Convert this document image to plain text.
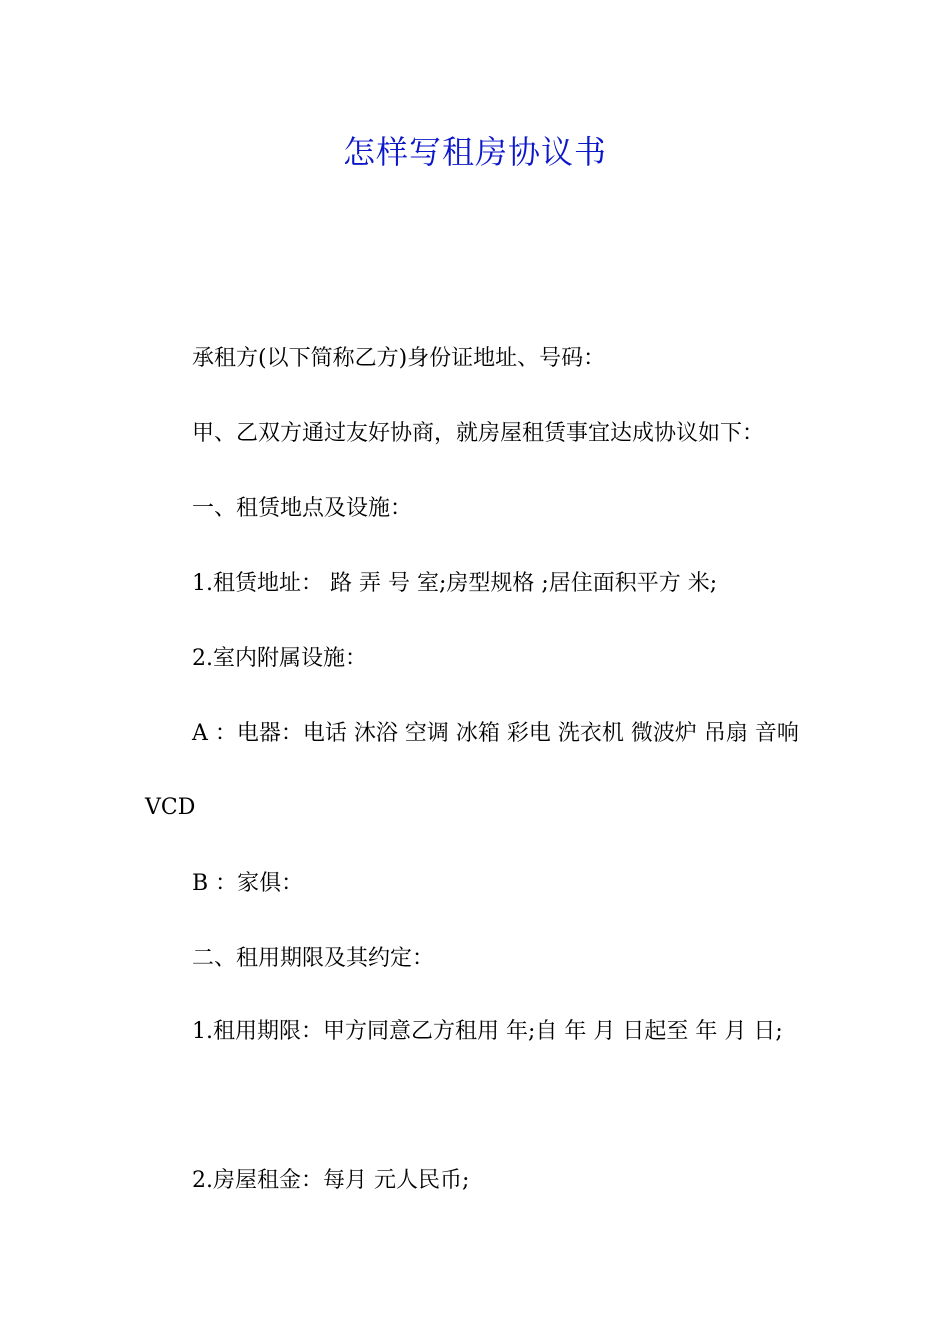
怎样写租房协议书
承租方(以下简称乙方)身份证地址、号码：
甲、乙双方通过友好协商，就房屋租赁事宜达成协议如下：
一、租赁地点及设施：
1.租赁地址： 路 弄 号 室;房型规格 ;居住面积平方 米;
2.室内附属设施：
A ：电器：电话 沐浴 空调 冰箱 彩电 洗衣机 微波炉 吊扇 音响 VCD
B ：家俱：
二、租用期限及其约定：
1.租用期限：甲方同意乙方租用 年;自 年 月 日起至 年 月 日;
2.房屋租金：每月 元人民币;
